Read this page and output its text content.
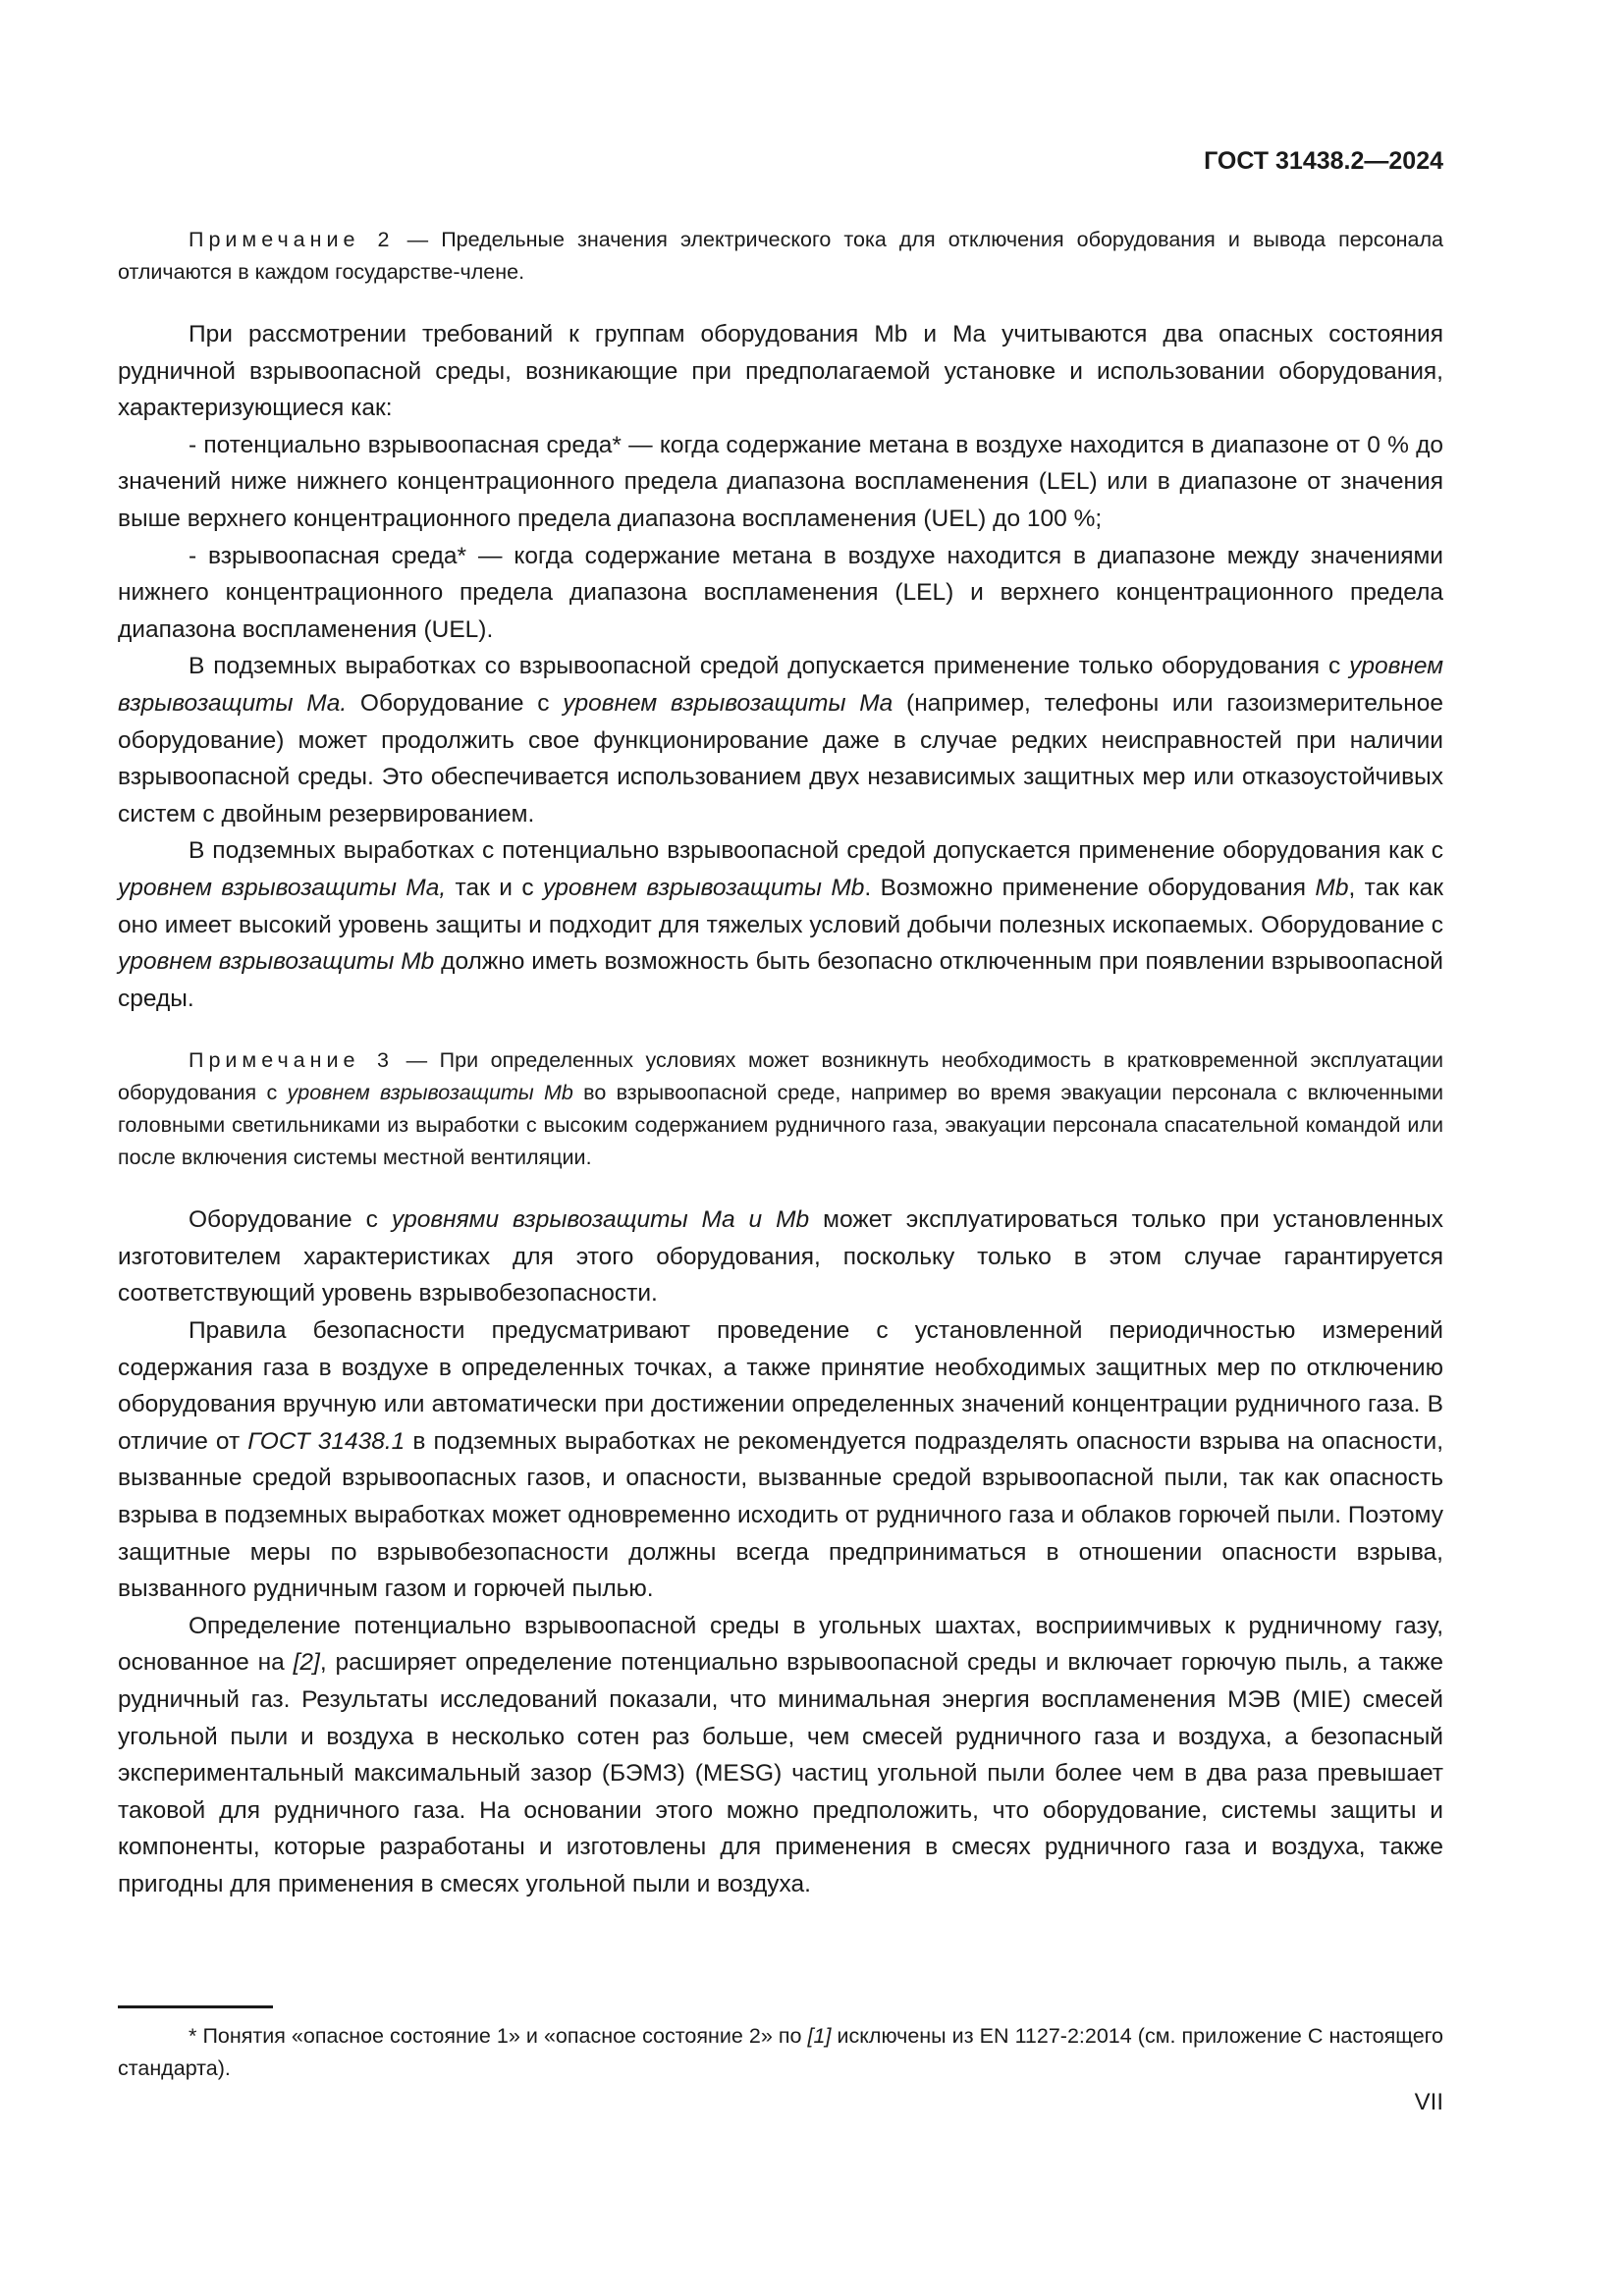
ГОСТ 31438.2—2024

Примечание 2 — Предельные значения электрического тока для отключения оборудования и вывода персонала отличаются в каждом государстве-члене.

При рассмотрении требований к группам оборудования Mb и Ma учитываются два опасных состояния рудничной взрывоопасной среды, возникающие при предполагаемой установке и использовании оборудования, характеризующиеся как:

- потенциально взрывоопасная среда* — когда содержание метана в воздухе находится в диапазоне от 0 % до значений ниже нижнего концентрационного предела диапазона воспламенения (LEL) или в диапазоне от значения выше верхнего концентрационного предела диапазона воспламенения (UEL) до 100 %;

- взрывоопасная среда* — когда содержание метана в воздухе находится в диапазоне между значениями нижнего концентрационного предела диапазона воспламенения (LEL) и верхнего концентрационного предела диапазона воспламенения (UEL).

В подземных выработках со взрывоопасной средой допускается применение только оборудования с уровнем взрывозащиты Ma. Оборудование с уровнем взрывозащиты Ma (например, телефоны или газоизмерительное оборудование) может продолжить свое функционирование даже в случае редких неисправностей при наличии взрывоопасной среды. Это обеспечивается использованием двух независимых защитных мер или отказоустойчивых систем с двойным резервированием.

В подземных выработках с потенциально взрывоопасной средой допускается применение оборудования как с уровнем взрывозащиты Ma, так и с уровнем взрывозащиты Mb. Возможно применение оборудования Mb, так как оно имеет высокий уровень защиты и подходит для тяжелых условий добычи полезных ископаемых. Оборудование с уровнем взрывозащиты Mb должно иметь возможность быть безопасно отключенным при появлении взрывоопасной среды.

Примечание 3 — При определенных условиях может возникнуть необходимость в кратковременной эксплуатации оборудования с уровнем взрывозащиты Mb во взрывоопасной среде, например во время эвакуации персонала с включенными головными светильниками из выработки с высоким содержанием рудничного газа, эвакуации персонала спасательной командой или после включения системы местной вентиляции.

Оборудование с уровнями взрывозащиты Ma и Mb может эксплуатироваться только при установленных изготовителем характеристиках для этого оборудования, поскольку только в этом случае гарантируется соответствующий уровень взрывобезопасности.

Правила безопасности предусматривают проведение с установленной периодичностью измерений содержания газа в воздухе в определенных точках, а также принятие необходимых защитных мер по отключению оборудования вручную или автоматически при достижении определенных значений концентрации рудничного газа. В отличие от ГОСТ 31438.1 в подземных выработках не рекомендуется подразделять опасности взрыва на опасности, вызванные средой взрывоопасных газов, и опасности, вызванные средой взрывоопасной пыли, так как опасность взрыва в подземных выработках может одновременно исходить от рудничного газа и облаков горючей пыли. Поэтому защитные меры по взрывобезопасности должны всегда предприниматься в отношении опасности взрыва, вызванного рудничным газом и горючей пылью.

Определение потенциально взрывоопасной среды в угольных шахтах, восприимчивых к рудничному газу, основанное на [2], расширяет определение потенциально взрывоопасной среды и включает горючую пыль, а также рудничный газ. Результаты исследований показали, что минимальная энергия воспламенения МЭВ (MIE) смесей угольной пыли и воздуха в несколько сотен раз больше, чем смесей рудничного газа и воздуха, а безопасный экспериментальный максимальный зазор (БЭМЗ) (MESG) частиц угольной пыли более чем в два раза превышает таковой для рудничного газа. На основании этого можно предположить, что оборудование, системы защиты и компоненты, которые разработаны и изготовлены для применения в смесях рудничного газа и воздуха, также пригодны для применения в смесях угольной пыли и воздуха.

* Понятия «опасное состояние 1» и «опасное состояние 2» по [1] исключены из EN 1127-2:2014 (см. приложение С настоящего стандарта).

VII
